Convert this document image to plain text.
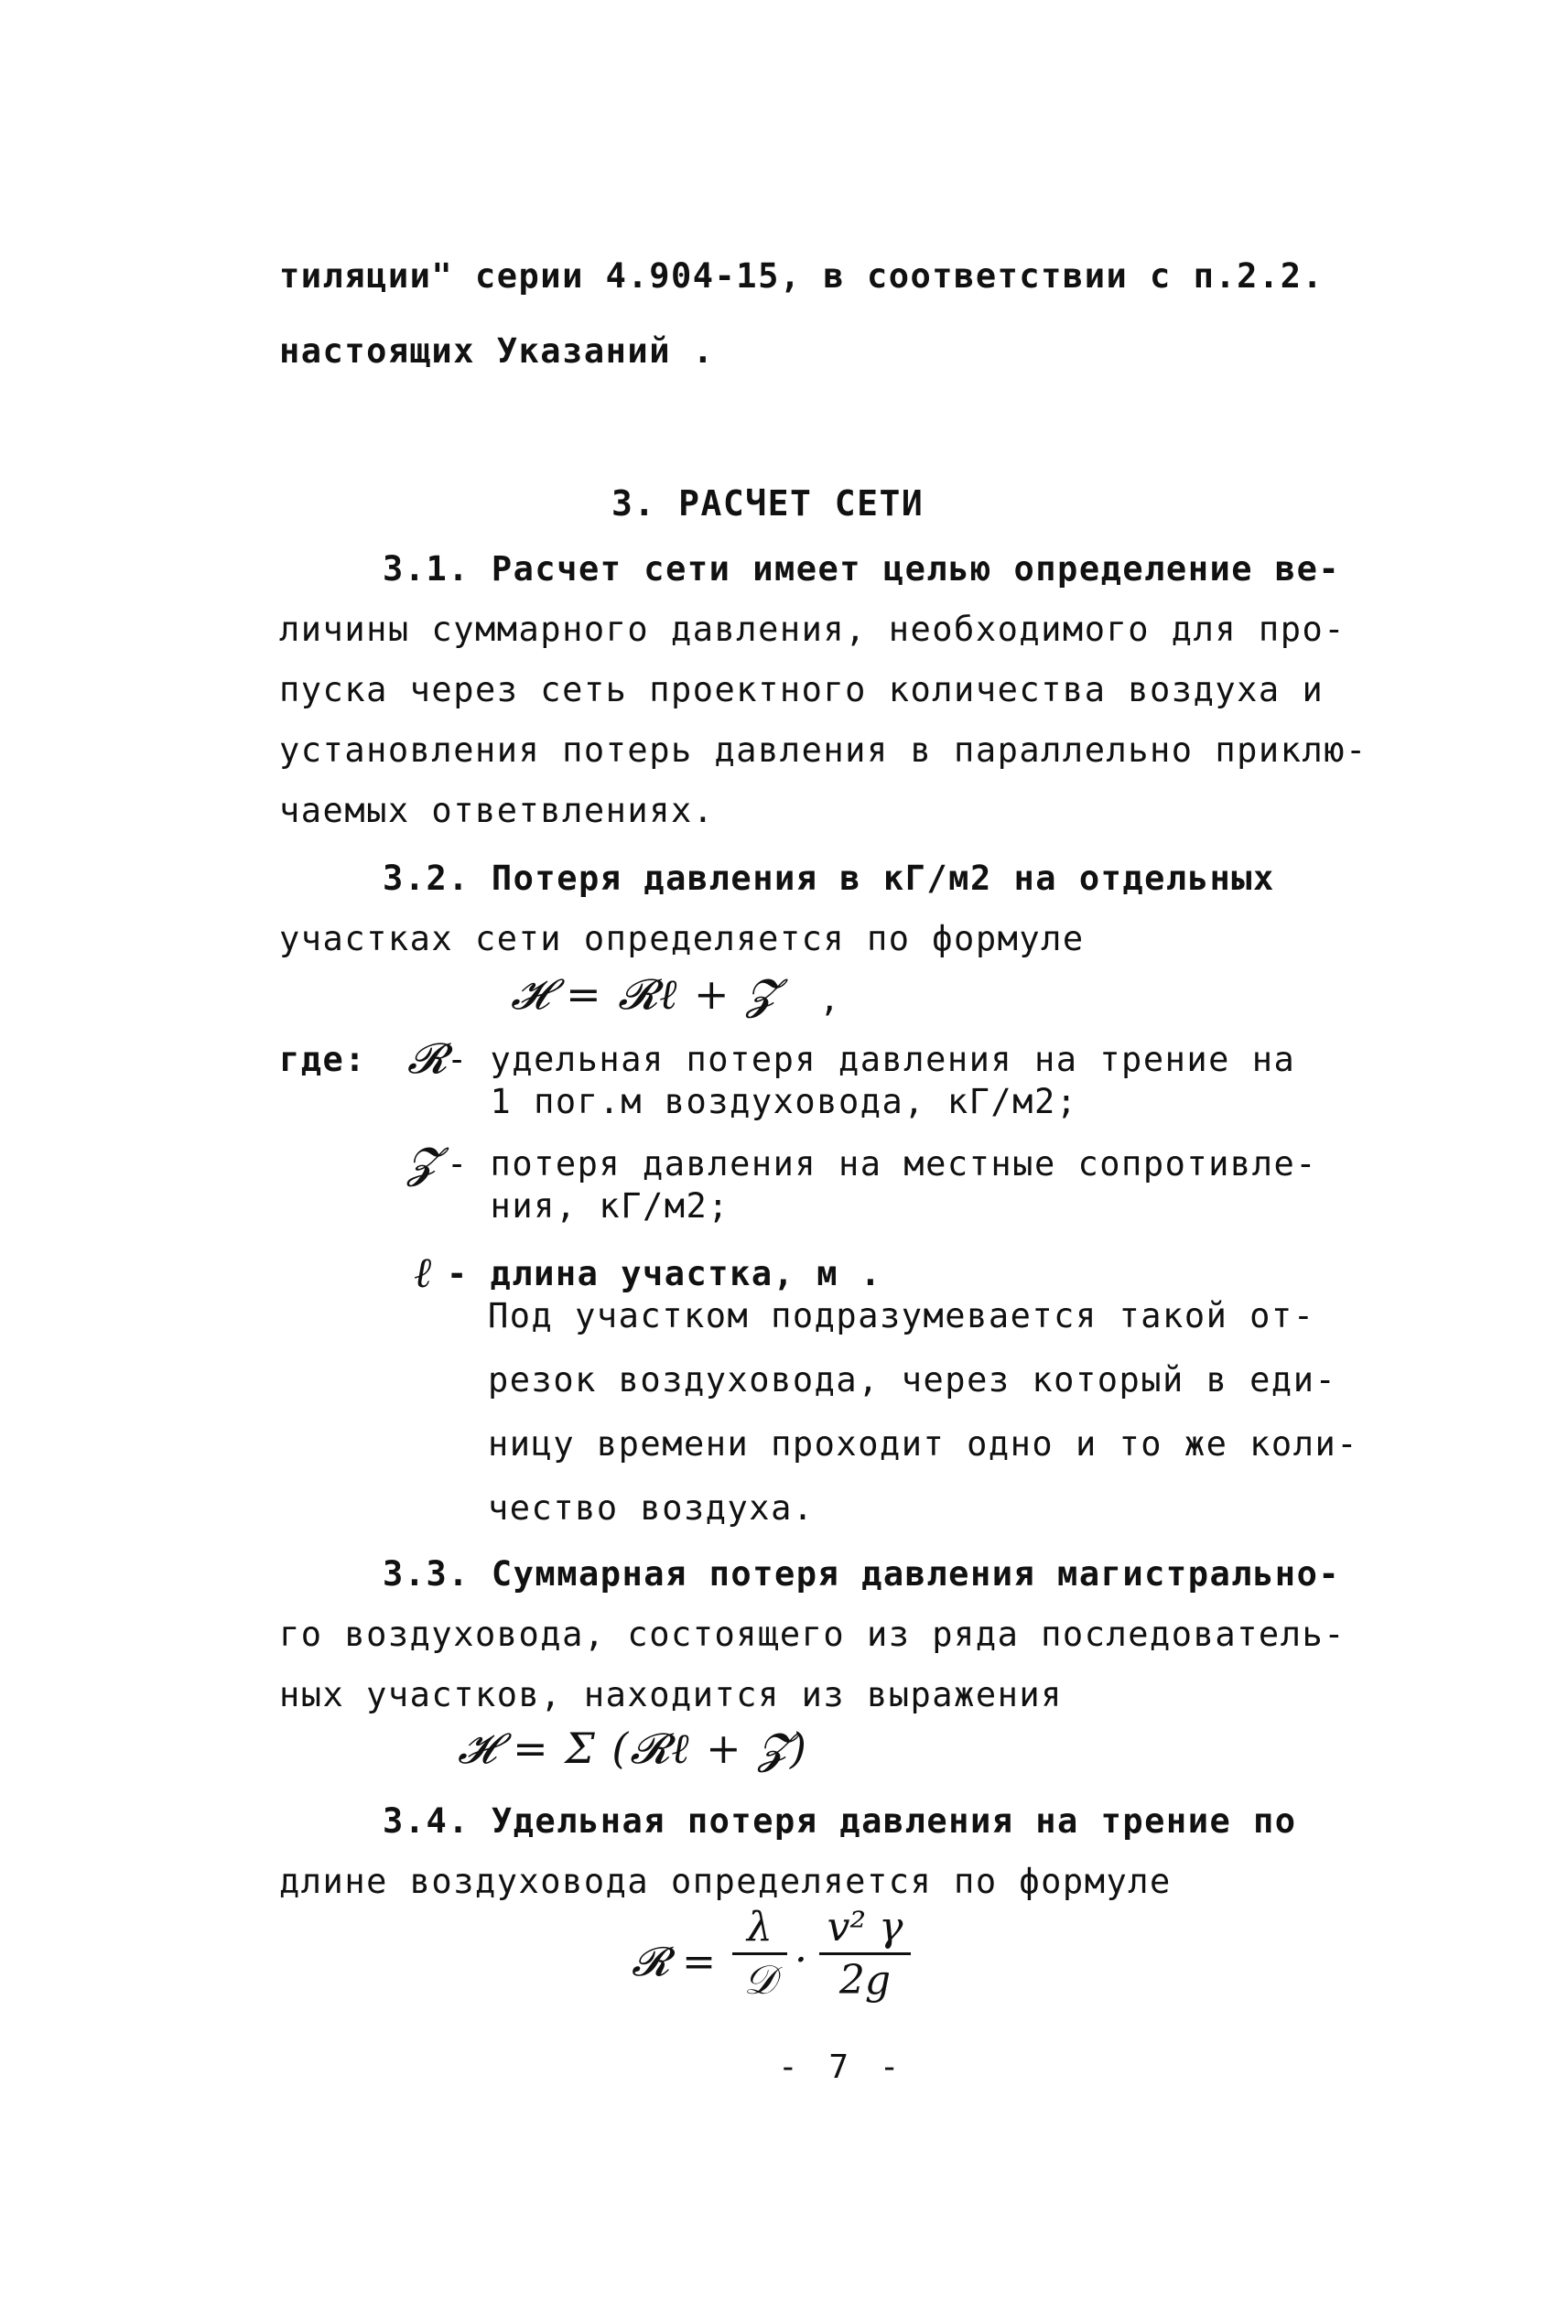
тиляции" серии 4.904-15, в соответствии с п.2.2.
настоящих Указаний .
3. РАСЧЕТ СЕТИ
3.1. Расчет сети имеет целью определение ве-
личины суммарного давления, необходимого для про-
пуска через сеть проектного количества воздуха и
установления потерь давления в параллельно приклю-
чаемых ответвлениях.
3.2. Потеря давления в кГ/м2 на отдельных
участках сети определяется по формуле
𝓗 = 𝓡ℓ + 𝓩 ,
где: 𝓡 - удельная потеря давления на трение на
1 пог.м воздуховода, кГ/м2;
𝓩 - потеря давления на местные сопротивле-
ния, кГ/м2;
ℓ - длина участка, м .
Под участком подразумевается такой от-
резок воздуховода, через который в еди-
ницу времени проходит одно и то же коли-
чество воздуха.
3.3. Суммарная потеря давления магистрально-
го воздуховода, состоящего из ряда последователь-
ных участков, находится из выражения
𝓗 = Σ (𝓡ℓ + 𝓩)
3.4. Удельная потеря давления на трение по
длине воздуховода определяется по формуле
𝓡 =
λ
𝒟 · $\frac{\text{v² γ}}{2g}$
- 7 -
